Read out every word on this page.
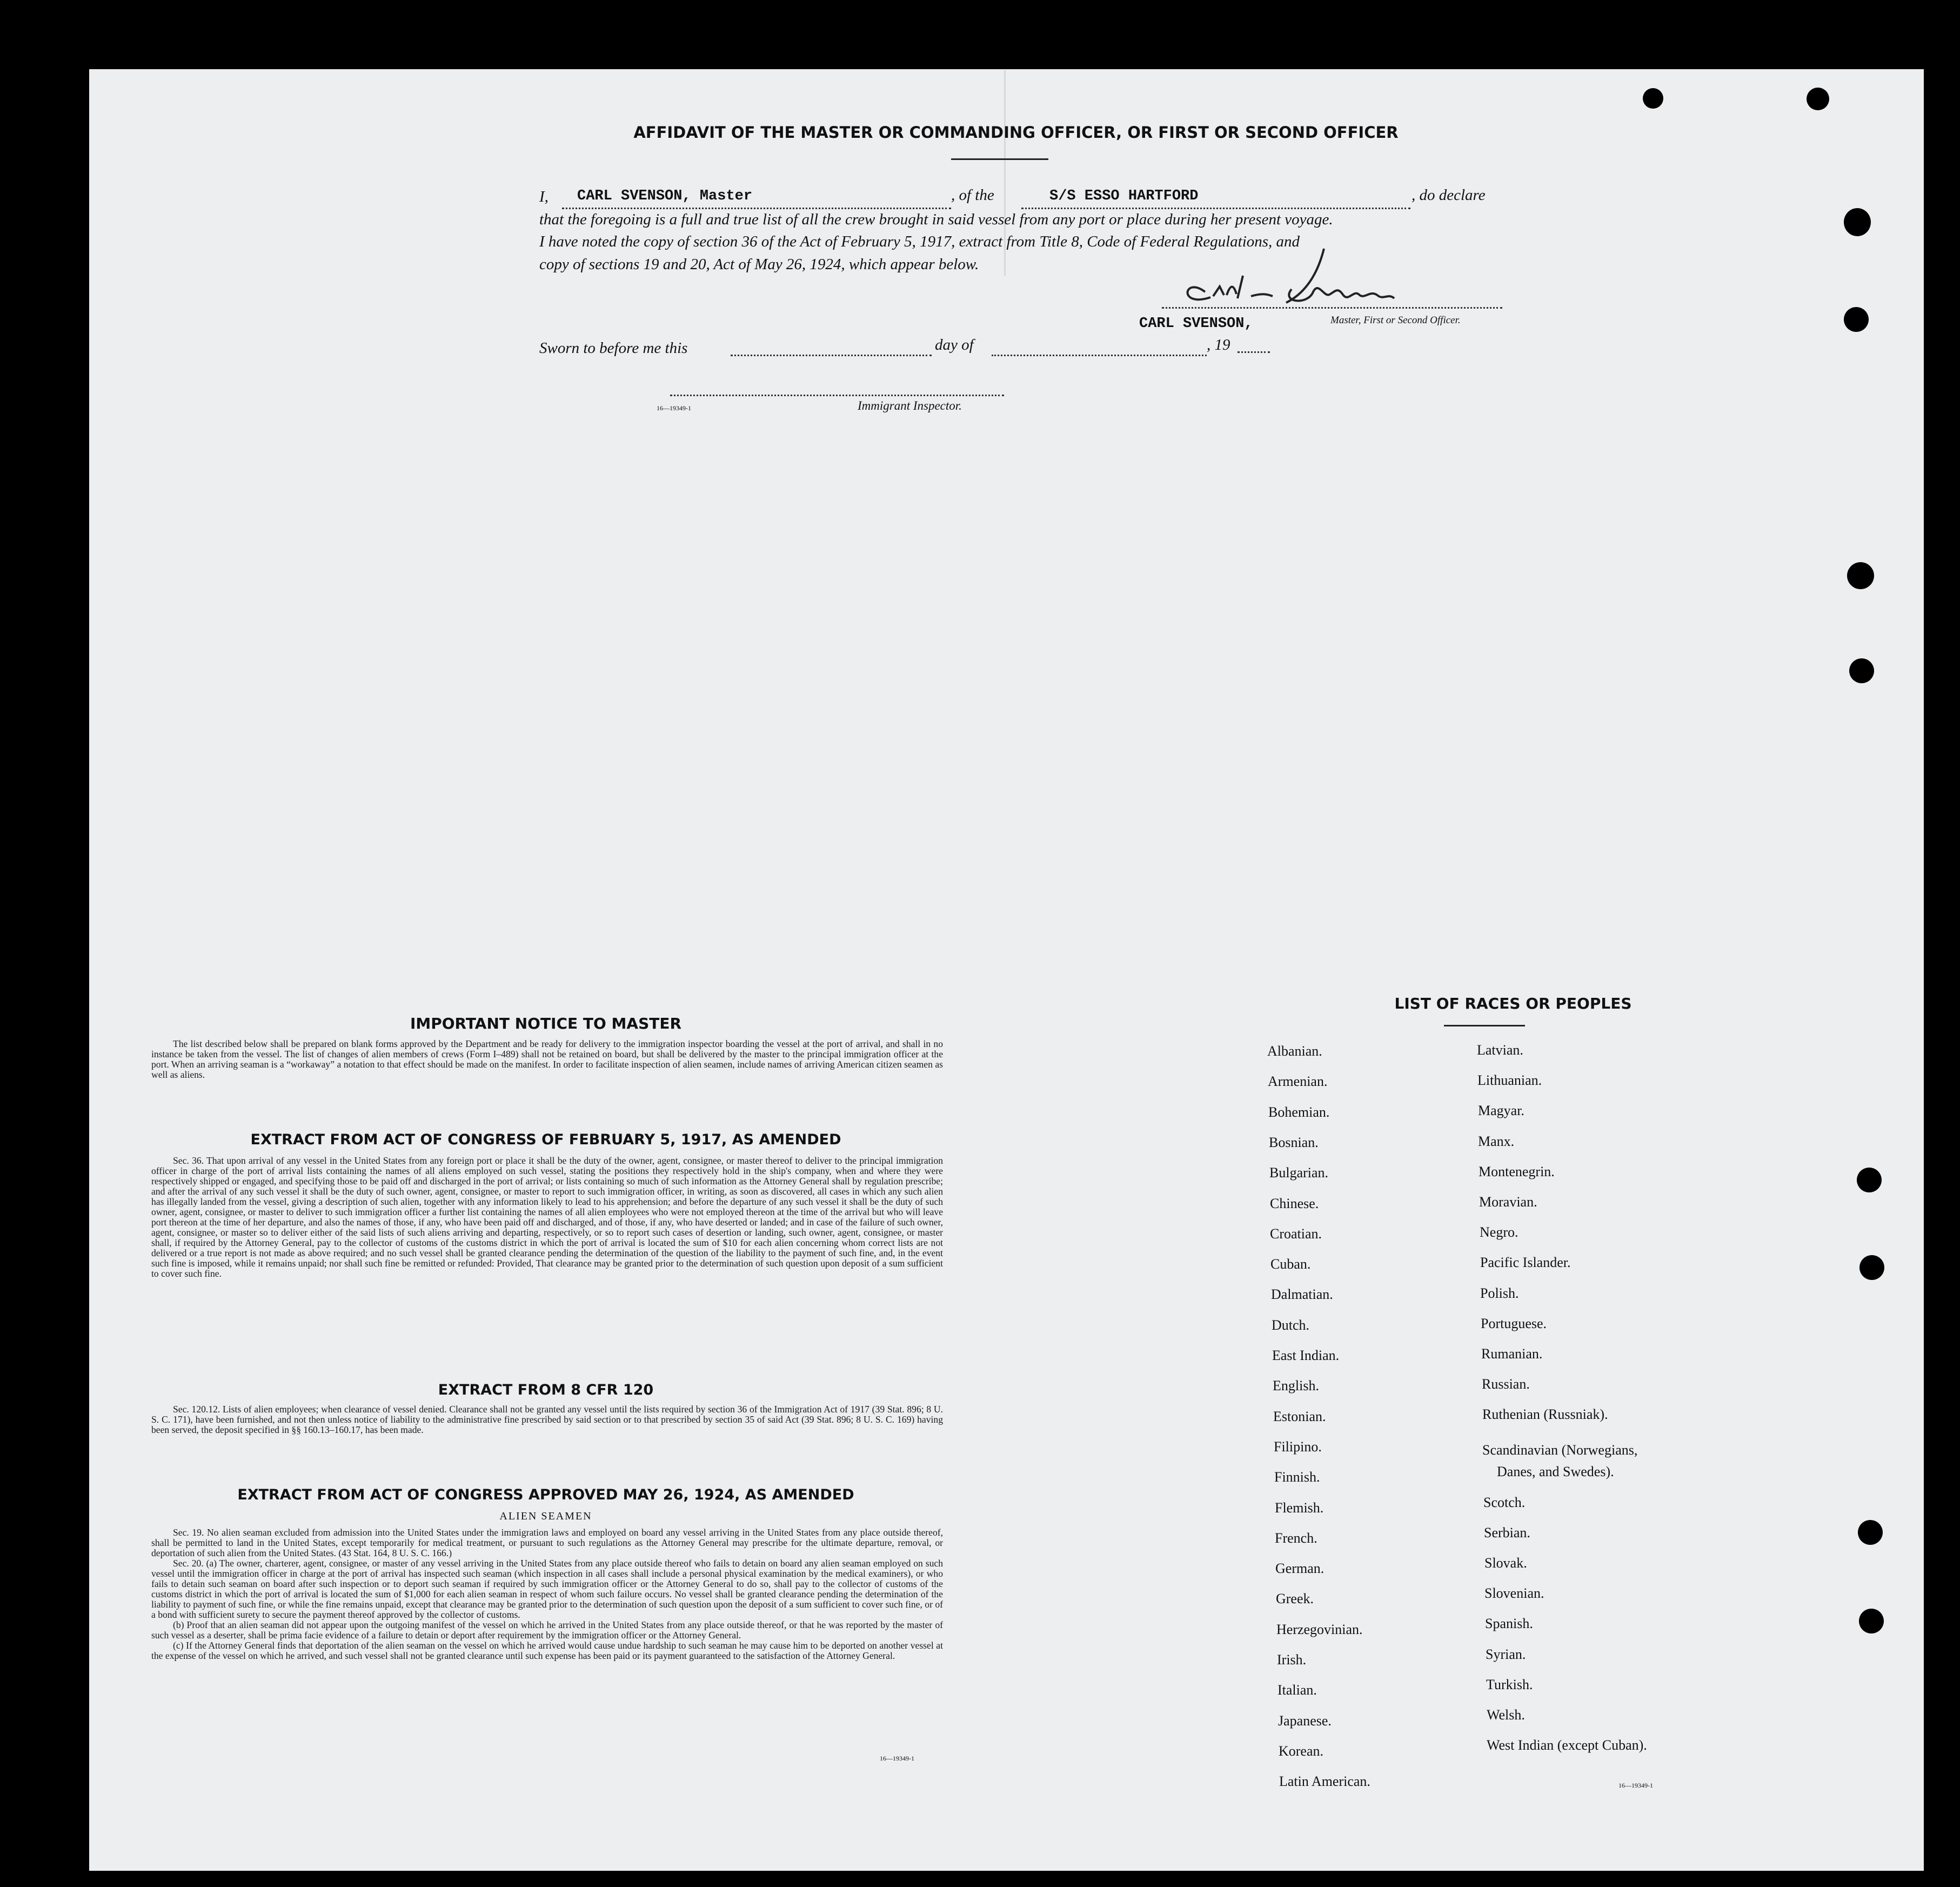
AFFIDAVIT OF THE MASTER OR COMMANDING OFFICER, OR FIRST OR SECOND OFFICER
I, CARL SVENSON, Master	, of the	S/S ESSO HARTFORD	, do declare
that the foregoing is a full and true list of all the crew brought in said vessel from any port or place during her present voyage.
I have noted the copy of section 36 of the Act of February 5, 1917, extract from Title 8, Code of Federal Regulations, and
copy of sections 19 and 20, Act of May 26, 1924, which appear below.
CARL SVENSON,	Master, First or Second Officer.
Sworn to before me this	day of	, 19
16—19349-1	Immigrant Inspector.
IMPORTANT NOTICE TO MASTER

The list described below shall be prepared on blank forms approved by the Department and be ready for delivery to the immigration inspector boarding the vessel at the port of arrival, and shall in no instance be taken from the vessel. The list of changes of alien members of crews (Form I–489) shall not be retained on board, but shall be delivered by the master to the principal immigration officer at the port. When an arriving seaman is a “workaway” a notation to that effect should be made on the manifest. In order to facilitate inspection of alien seamen, include names of arriving American citizen seamen as well as aliens.

EXTRACT FROM ACT OF CONGRESS OF FEBRUARY 5, 1917, AS AMENDED

Sec. 36. That upon arrival of any vessel in the United States from any foreign port or place it shall be the duty of the owner, agent, consignee, or master thereof to deliver to the principal immigration officer in charge of the port of arrival lists containing the names of all aliens employed on such vessel, stating the positions they respectively hold in the ship's company, when and where they were respectively shipped or engaged, and specifying those to be paid off and discharged in the port of arrival; or lists containing so much of such information as the Attorney General shall by regulation prescribe; and after the arrival of any such vessel it shall be the duty of such owner, agent, consignee, or master to report to such immigration officer, in writing, as soon as discovered, all cases in which any such alien has illegally landed from the vessel, giving a description of such alien, together with any information likely to lead to his apprehension; and before the departure of any such vessel it shall be the duty of such owner, agent, consignee, or master to deliver to such immigration officer a further list containing the names of all alien employees who were not employed thereon at the time of the arrival but who will leave port thereon at the time of her departure, and also the names of those, if any, who have been paid off and discharged, and of those, if any, who have deserted or landed; and in case of the failure of such owner, agent, consignee, or master so to deliver either of the said lists of such aliens arriving and departing, respectively, or so to report such cases of desertion or landing, such owner, agent, consignee, or master shall, if required by the Attorney General, pay to the collector of customs of the customs district in which the port of arrival is located the sum of $10 for each alien concerning whom correct lists are not delivered or a true report is not made as above required; and no such vessel shall be granted clearance pending the determination of the question of the liability to the payment of such fine, and, in the event such fine is imposed, while it remains unpaid; nor shall such fine be remitted or refunded: Provided, That clearance may be granted prior to the determination of such question upon deposit of a sum sufficient to cover such fine.

EXTRACT FROM 8 CFR 120

Sec. 120.12. Lists of alien employees; when clearance of vessel denied. Clearance shall not be granted any vessel until the lists required by section 36 of the Immigration Act of 1917 (39 Stat. 896; 8 U. S. C. 171), have been furnished, and not then unless notice of liability to the administrative fine prescribed by said section or to that prescribed by section 35 of said Act (39 Stat. 896; 8 U. S. C. 169) having been served, the deposit specified in §§ 160.13–160.17, has been made.

EXTRACT FROM ACT OF CONGRESS APPROVED MAY 26, 1924, AS AMENDED
ALIEN SEAMEN

Sec. 19. No alien seaman excluded from admission into the United States under the immigration laws and employed on board any vessel arriving in the United States from any place outside thereof, shall be permitted to land in the United States, except temporarily for medical treatment, or pursuant to such regulations as the Attorney General may prescribe for the ultimate departure, removal, or deportation of such alien from the United States. (43 Stat. 164, 8 U. S. C. 166.)

Sec. 20. (a) The owner, charterer, agent, consignee, or master of any vessel arriving in the United States from any place outside thereof who fails to detain on board any alien seaman employed on such vessel until the immigration officer in charge at the port of arrival has inspected such seaman (which inspection in all cases shall include a personal physical examination by the medical examiners), or who fails to detain such seaman on board after such inspection or to deport such seaman if required by such immigration officer or the Attorney General to do so, shall pay to the collector of customs of the customs district in which the port of arrival is located the sum of $1,000 for each alien seaman in respect of whom such failure occurs. No vessel shall be granted clearance pending the determination of the liability to payment of such fine, or while the fine remains unpaid, except that clearance may be granted prior to the determination of such question upon the deposit of a sum sufficient to cover such fine, or of a bond with sufficient surety to secure the payment thereof approved by the collector of customs.

(b) Proof that an alien seaman did not appear upon the outgoing manifest of the vessel on which he arrived in the United States from any place outside thereof, or that he was reported by the master of such vessel as a deserter, shall be prima facie evidence of a failure to detain or deport after requirement by the immigration officer or the Attorney General.

(c) If the Attorney General finds that deportation of the alien seaman on the vessel on which he arrived would cause undue hardship to such seaman he may cause him to be deported on another vessel at the expense of the vessel on which he arrived, and such vessel shall not be granted clearance until such expense has been paid or its payment guaranteed to the satisfaction of the Attorney General.

16—19349-1
LIST OF RACES OR PEOPLES
Albanian.
Armenian.
Bohemian.
Bosnian.
Bulgarian.
Chinese.
Croatian.
Cuban.
Dalmatian.
Dutch.
East Indian.
English.
Estonian.
Filipino.
Finnish.
Flemish.
French.
German.
Greek.
Herzegovinian.
Irish.
Italian.
Japanese.
Korean.
Latin American.
Latvian.
Lithuanian.
Magyar.
Manx.
Montenegrin.
Moravian.
Negro.
Pacific Islander.
Polish.
Portuguese.
Rumanian.
Russian.
Ruthenian (Russniak).
Scandinavian (Norwegians,
Danes, and Swedes).
Scotch.
Serbian.
Slovak.
Slovenian.
Spanish.
Syrian.
Turkish.
Welsh.
West Indian (except Cuban).
16—19349-1
